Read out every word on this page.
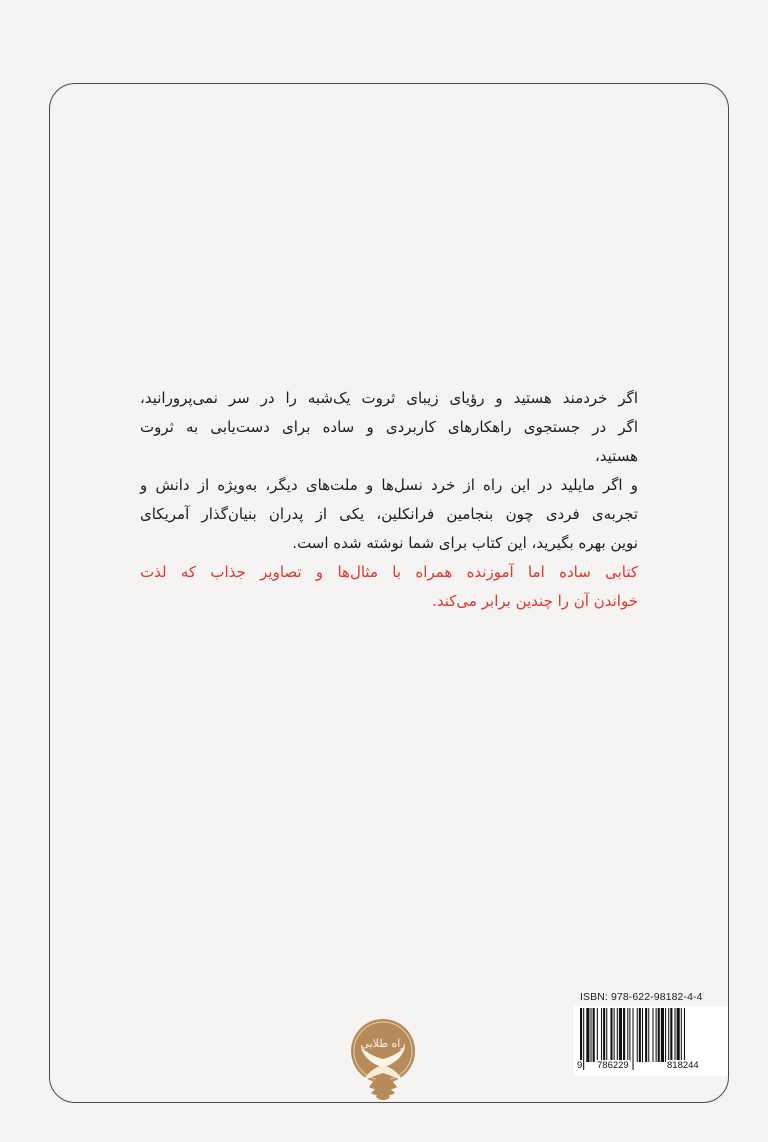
اگر خردمند هستید و رؤیای زیبای ثروت یک‌شبه را در سر نمی‌پرورانید،
اگر در جستجوی راهکارهای کاربردی و ساده برای دست‌یابی به ثروت
هستید،
و اگر مایلید در این راه از خرد نسل‌ها و ملت‌های دیگر، به‌ویژه از دانش و
تجربه‌ی فردی چون بنجامین فرانکلین، یکی از پدران بنیان‌گذار آمریکای
نوین بهره بگیرید، این کتاب برای شما نوشته شده است.
کتابی ساده اما آموزنده همراه با مثال‌ها و تصاویر جذاب که لذت
خواندن آن را چندین برابر می‌کند.
ISBN: 978-622-98182-4-4
9 786229	818244
راه طلایی
